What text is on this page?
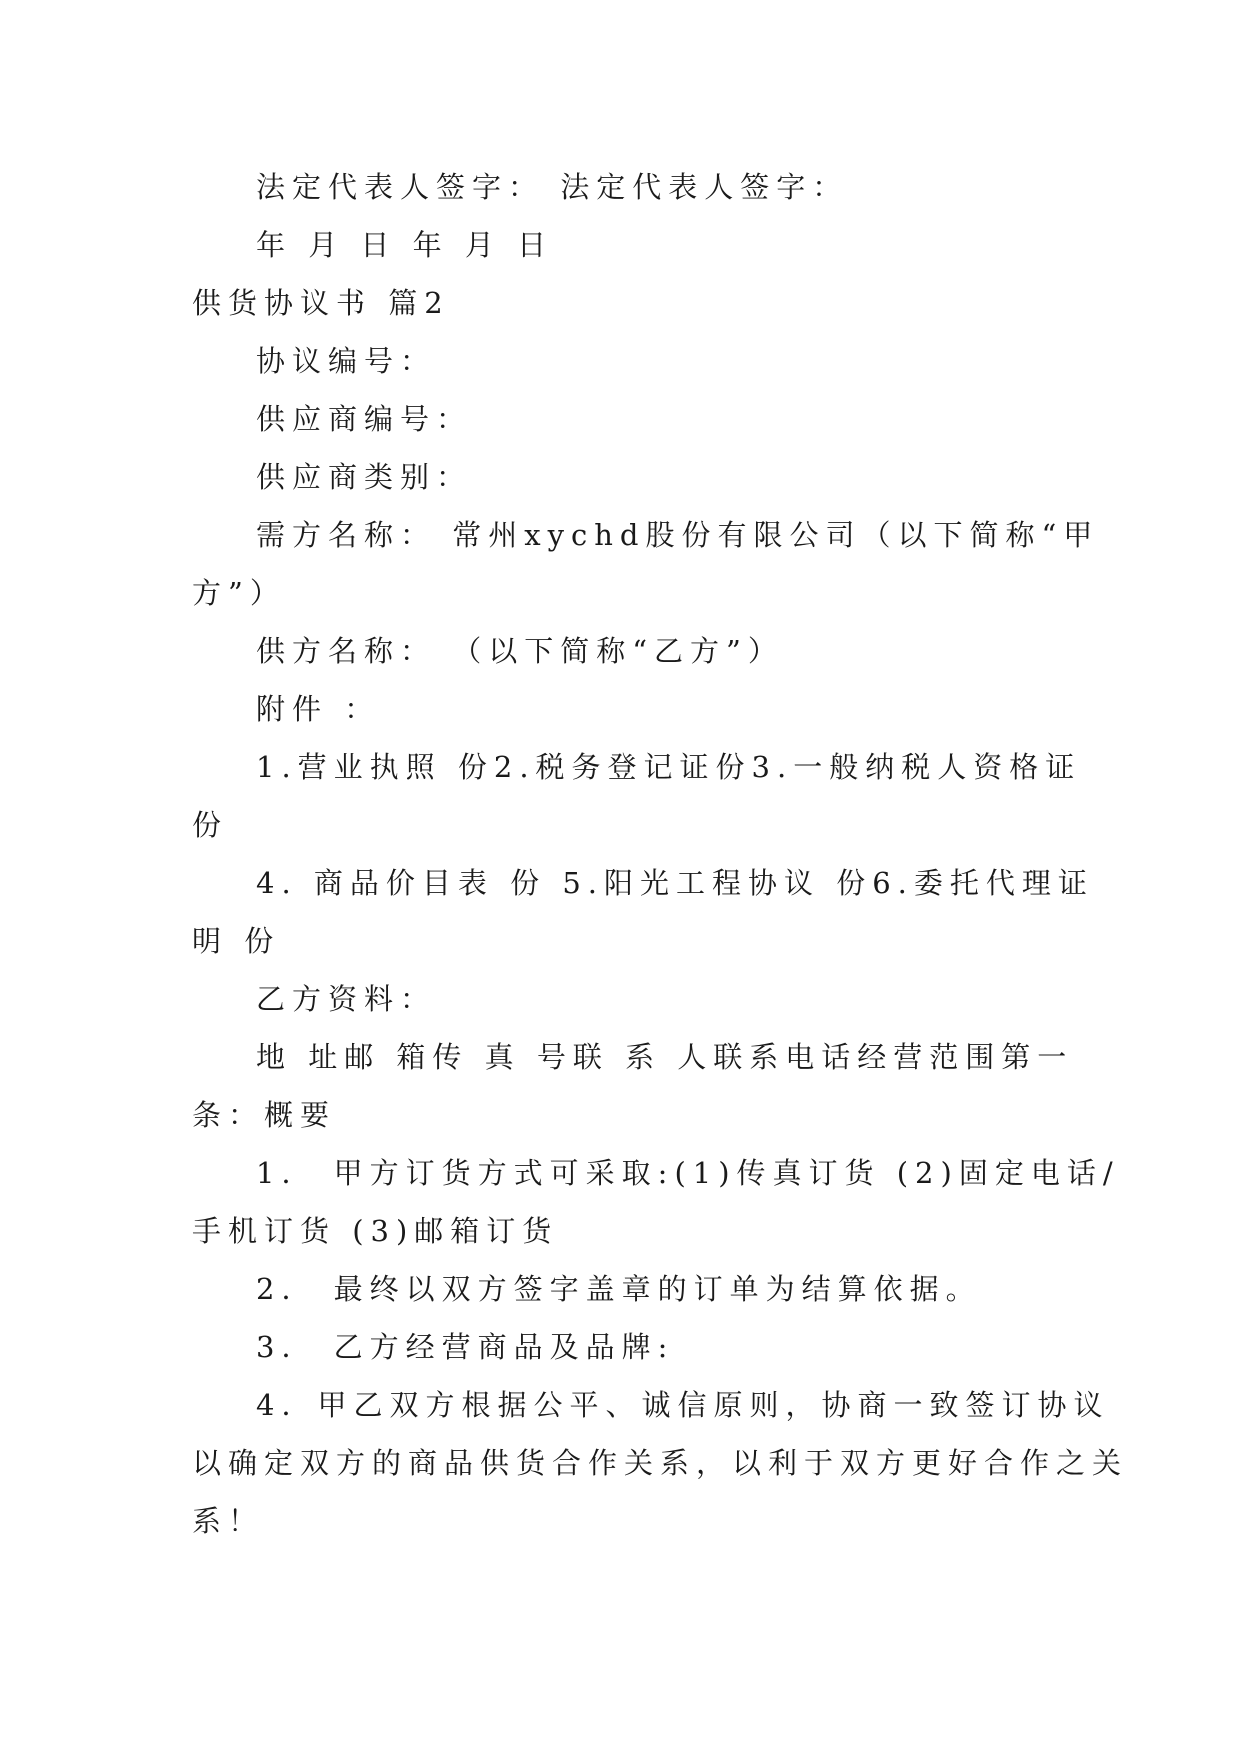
法定代表人签字： 法定代表人签字：
年 月 日 年 月 日
供货协议书 篇2
协议编号：
供应商编号：
供应商类别：
需方名称： 常州xychd股份有限公司（以下简称“甲
方”）
供方名称： （以下简称“乙方”）
附件 ：
1.营业执照 份2.税务登记证份3.一般纳税人资格证
份
4. 商品价目表 份 5.阳光工程协议 份6.委托代理证
明 份
乙方资料：
地 址邮 箱传 真 号联 系 人联系电话经营范围第一
条：概要
1． 甲方订货方式可采取:(1)传真订货 (2)固定电话/
手机订货 (3)邮箱订货
2． 最终以双方签字盖章的订单为结算依据。
3． 乙方经营商品及品牌:
4．甲乙双方根据公平、诚信原则，协商一致签订协议
以确定双方的商品供货合作关系，以利于双方更好合作之关
系！
